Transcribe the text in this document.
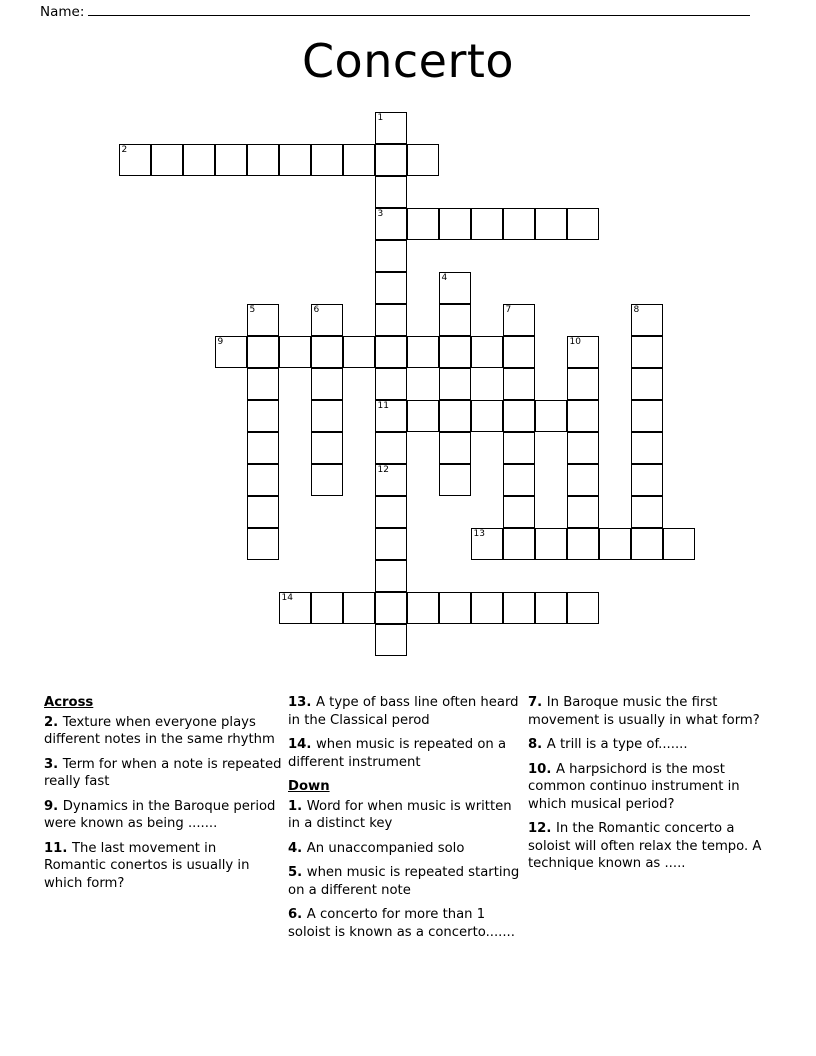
Name:
Concerto
1
2
3
4
5	6	7	8
9	10
11
12
13
14
Across
2. Texture when everyone plays different notes in the same rhythm
3. Term for when a note is repeated really fast
9. Dynamics in the Baroque period were known as being .......
11. The last movement in Romantic conertos is usually in which form?
13. A type of bass line often heard in the Classical perod
14. when music is repeated on a different instrument
Down
1. Word for when music is written in a distinct key
4. An unaccompanied solo
5. when music is repeated starting on a different note
6. A concerto for more than 1 soloist is known as a concerto.......
7. In Baroque music the first movement is usually in what form?
8. A trill is a type of.......
10. A harpsichord is the most common continuo instrument in which musical period?
12. In the Romantic concerto a soloist will often relax the tempo. A technique known as .....
